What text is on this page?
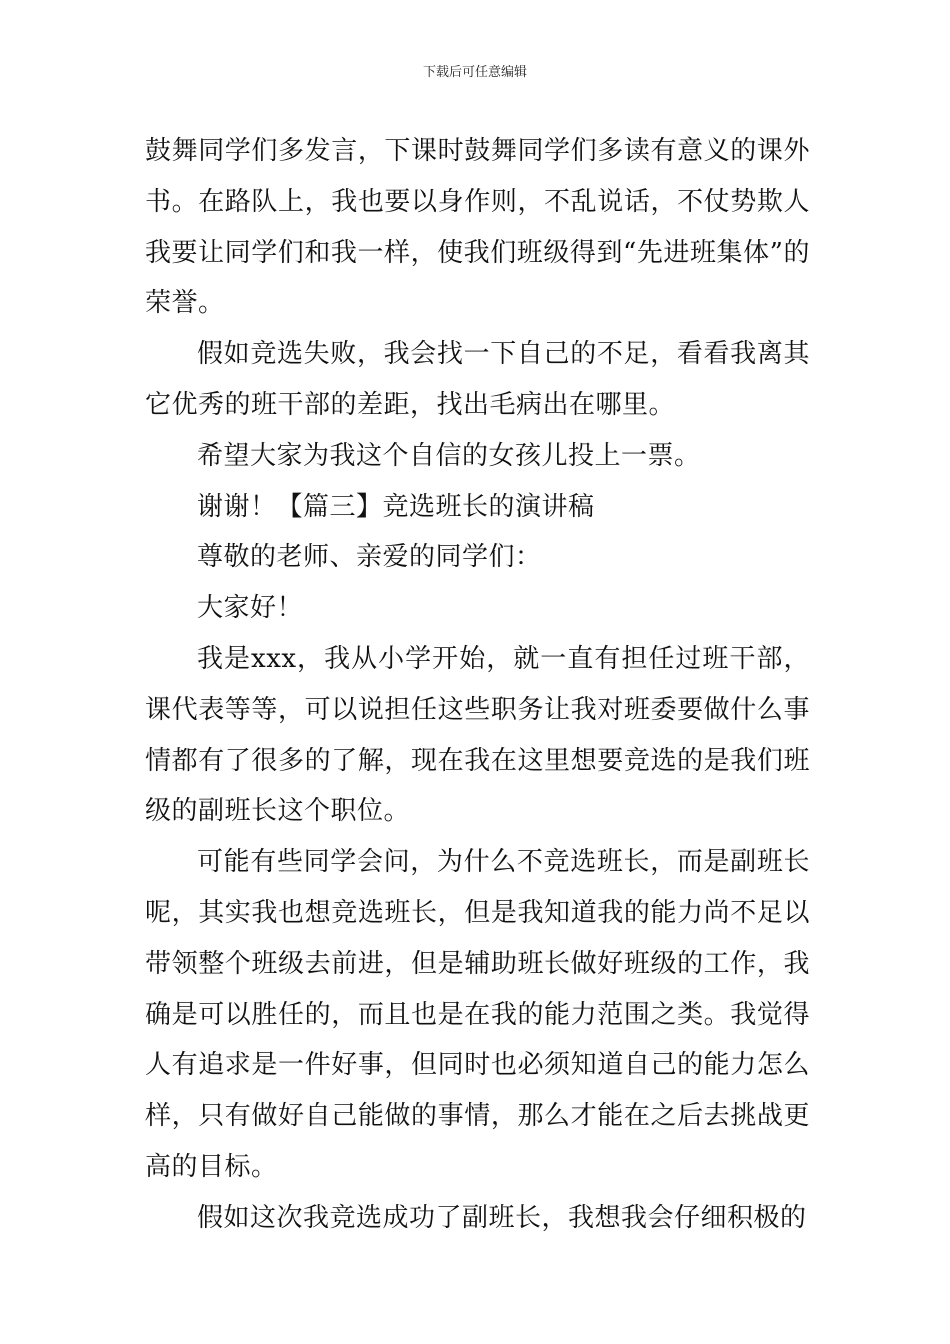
下载后可任意编辑

鼓舞同学们多发言，下课时鼓舞同学们多读有意义的课外书。在路队上，我也要以身作则，不乱说话，不仗势欺人我要让同学们和我一样，使我们班级得到“先进班集体”的荣誉。

假如竞选失败，我会找一下自己的不足，看看我离其它优秀的班干部的差距，找出毛病出在哪里。

希望大家为我这个自信的女孩儿投上一票。

谢谢！【篇三】竞选班长的演讲稿

尊敬的老师、亲爱的同学们：

大家好！

我是xxx，我从小学开始，就一直有担任过班干部，课代表等等，可以说担任这些职务让我对班委要做什么事情都有了很多的了解，现在我在这里想要竞选的是我们班级的副班长这个职位。

可能有些同学会问，为什么不竞选班长，而是副班长呢，其实我也想竞选班长，但是我知道我的能力尚不足以带领整个班级去前进，但是辅助班长做好班级的工作，我确是可以胜任的，而且也是在我的能力范围之类。我觉得人有追求是一件好事，但同时也必须知道自己的能力怎么样，只有做好自己能做的事情，那么才能在之后去挑战更高的目标。

假如这次我竞选成功了副班长，我想我会仔细积极的
